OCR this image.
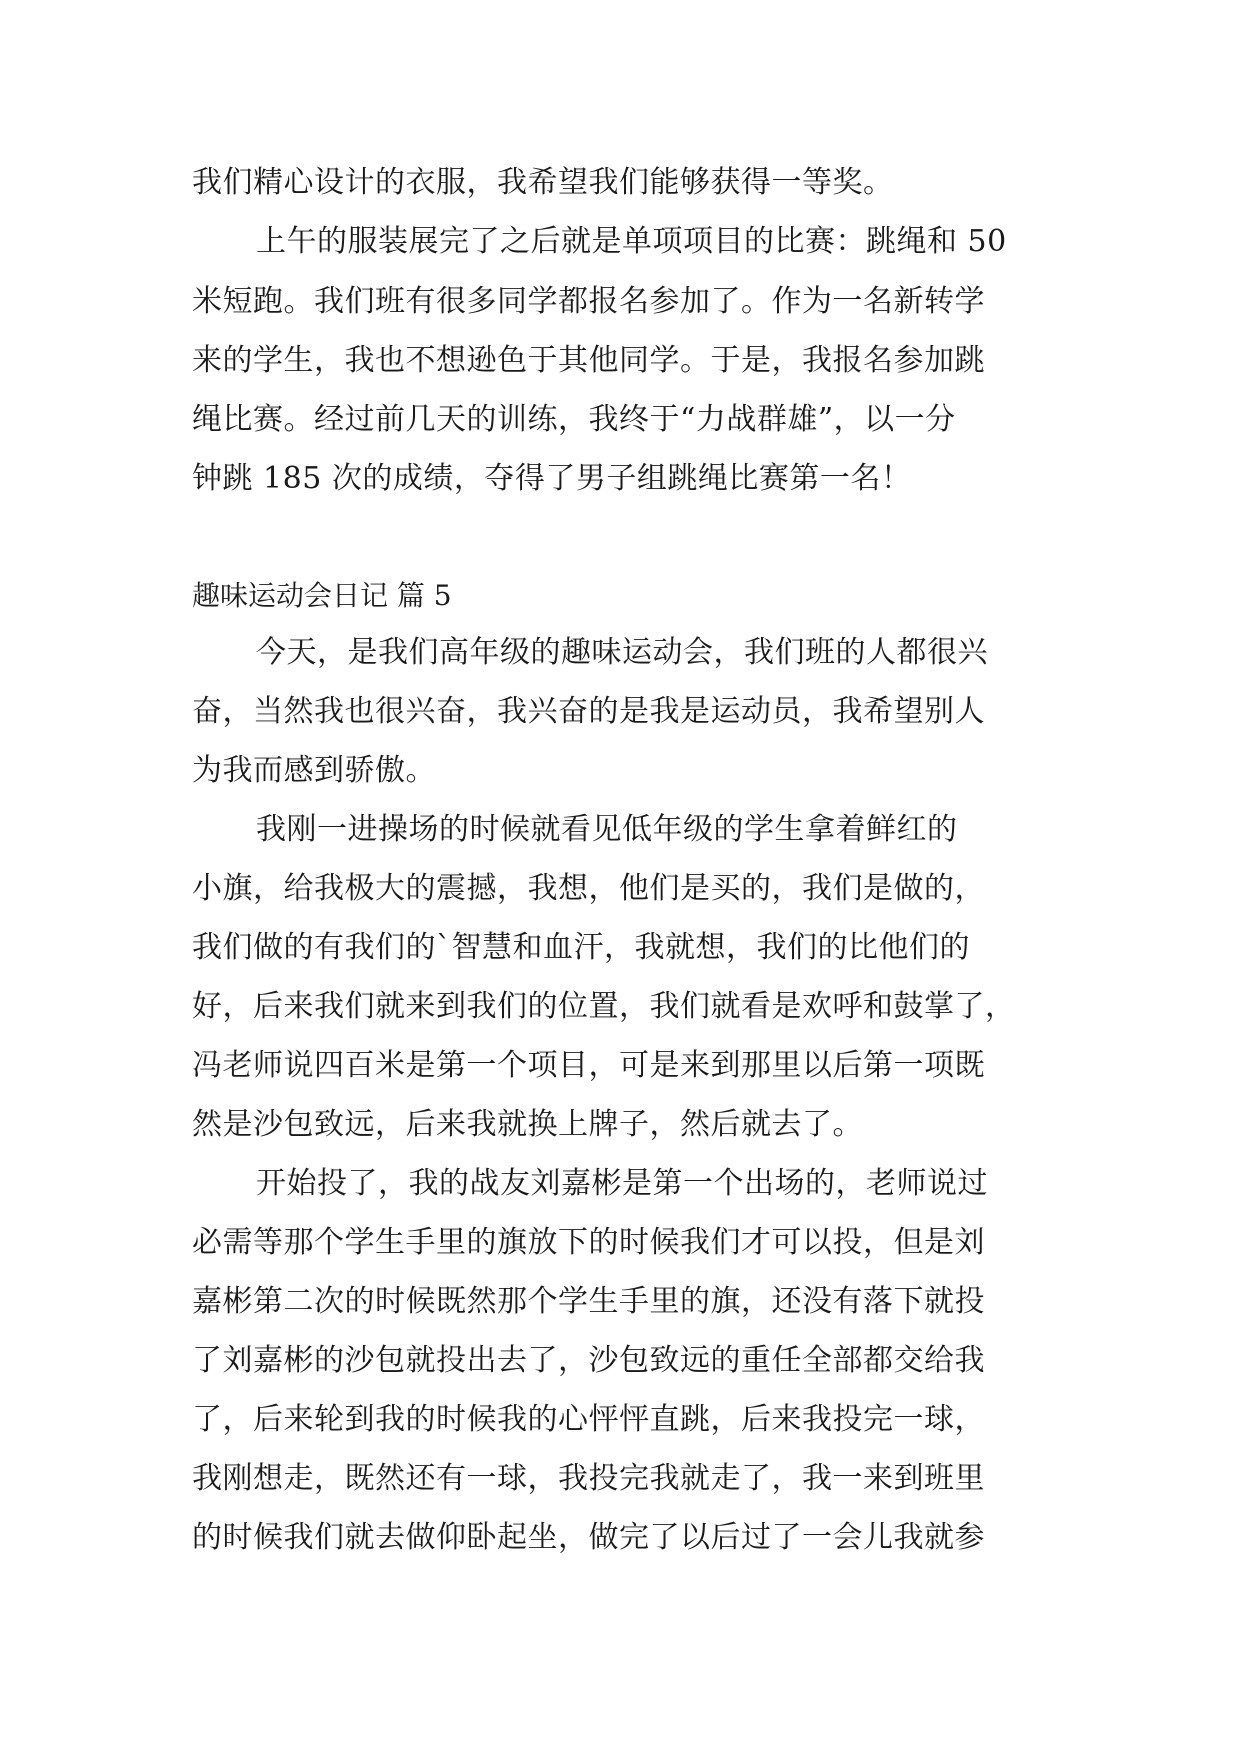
我们精心设计的衣服，我希望我们能够获得一等奖。
上午的服装展完了之后就是单项项目的比赛：跳绳和 50
米短跑。我们班有很多同学都报名参加了。作为一名新转学
来的学生，我也不想逊色于其他同学。于是，我报名参加跳
绳比赛。经过前几天的训练，我终于“力战群雄”，以一分
钟跳 185 次的成绩，夺得了男子组跳绳比赛第一名！
趣味运动会日记 篇 5
今天，是我们高年级的趣味运动会，我们班的人都很兴
奋，当然我也很兴奋，我兴奋的是我是运动员，我希望别人
为我而感到骄傲。
我刚一进操场的时候就看见低年级的学生拿着鲜红的
小旗，给我极大的震撼，我想，他们是买的，我们是做的，
我们做的有我们的`智慧和血汗，我就想，我们的比他们的
好，后来我们就来到我们的位置，我们就看是欢呼和鼓掌了，
冯老师说四百米是第一个项目，可是来到那里以后第一项既
然是沙包致远，后来我就换上牌子，然后就去了。
开始投了，我的战友刘嘉彬是第一个出场的，老师说过
必需等那个学生手里的旗放下的时候我们才可以投，但是刘
嘉彬第二次的时候既然那个学生手里的旗，还没有落下就投
了刘嘉彬的沙包就投出去了，沙包致远的重任全部都交给我
了，后来轮到我的时候我的心怦怦直跳，后来我投完一球，
我刚想走，既然还有一球，我投完我就走了，我一来到班里
的时候我们就去做仰卧起坐，做完了以后过了一会儿我就参
